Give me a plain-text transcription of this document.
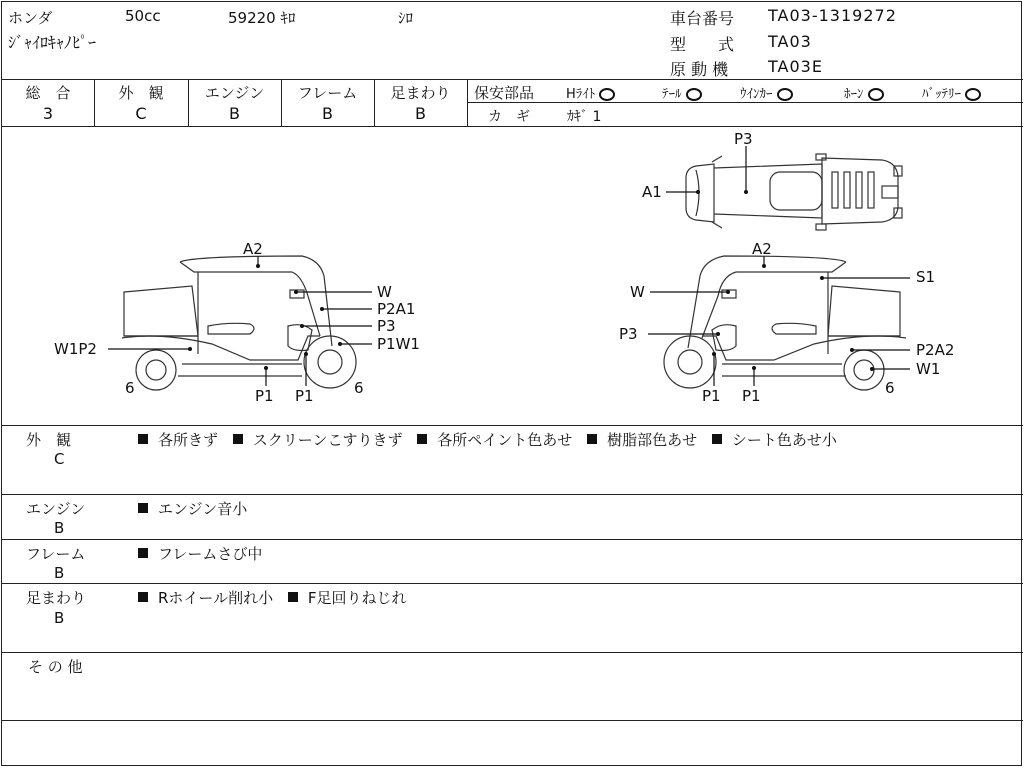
ホンダ	50cc	59220 ｷﾛ	ｼﾛ
ｼﾞｬｲﾛｷｬﾉﾋﾟｰ
車台番号 TA03-1319272
型　　式 TA03
原 動 機 TA03E
総　合
3
外　観
C
エンジン
B
フレーム
B
足まわり
B
保安部品 Hﾗｲﾄ	ﾃｰﾙ	ｳｲﾝｶｰ	ﾎｰﾝ	ﾊﾞｯﾃﾘｰ
カ　ギ	ｶｷﾞ 1
P3
A1
A2
W
P2A1
P3
P1W1
W1P2
6	P1 P1	6
A2
S1
W
P3
P2A2
W1
6
P1 P1
外　観
C
各所きず スクリーンこすりきず 各所ペイント色あせ 樹脂部色あせ シート色あせ小
エンジン
B
エンジン音小
フレーム
B
フレームさび中
足まわり
B
Rホイール削れ小 F足回りねじれ
そ の 他
